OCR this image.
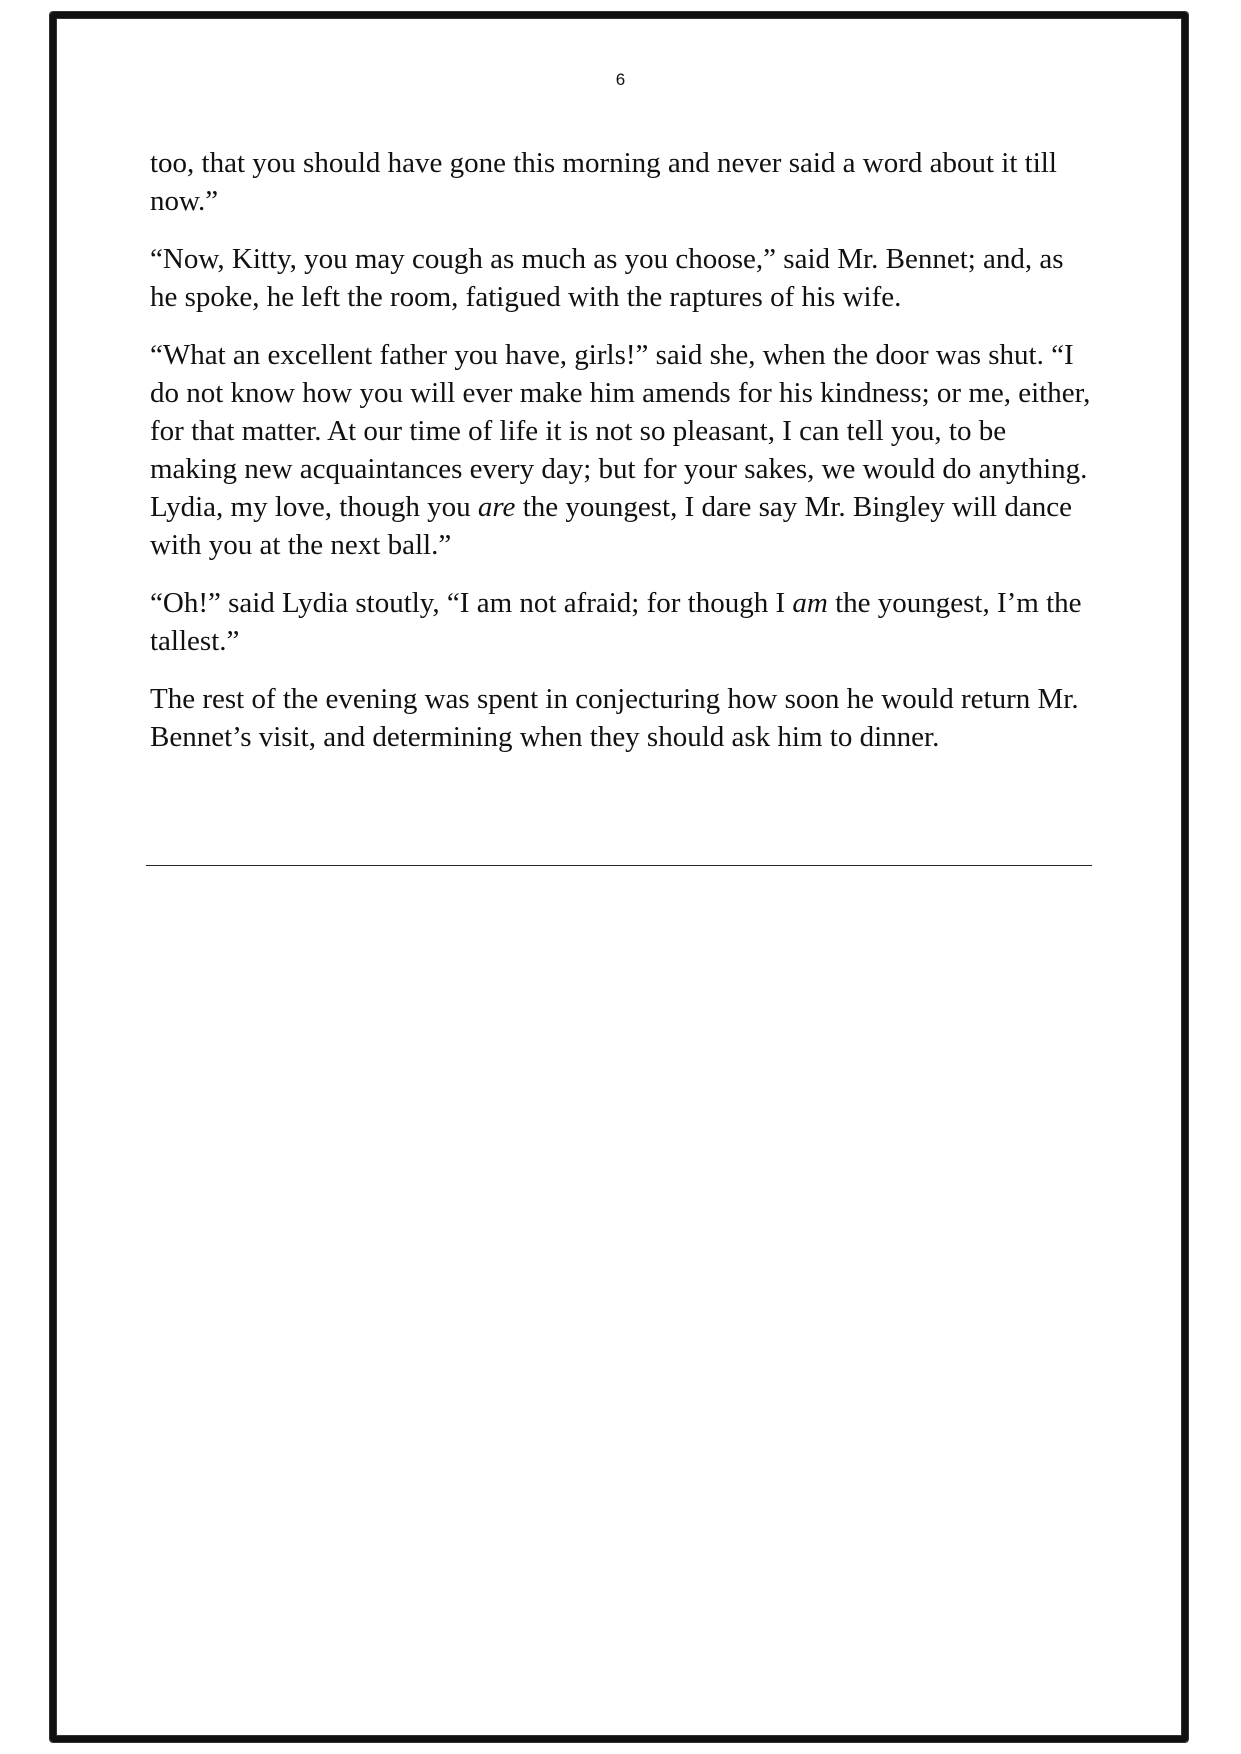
6

too, that you should have gone this morning and never said a word about it till now.”

“Now, Kitty, you may cough as much as you choose,” said Mr. Bennet; and, as he spoke, he left the room, fatigued with the raptures of his wife.

“What an excellent father you have, girls!” said she, when the door was shut. “I do not know how you will ever make him amends for his kindness; or me, either, for that matter. At our time of life it is not so pleasant, I can tell you, to be making new acquaintances every day; but for your sakes, we would do anything. Lydia, my love, though you are the youngest, I dare say Mr. Bingley will dance with you at the next ball.”

“Oh!” said Lydia stoutly, “I am not afraid; for though I am the youngest, I’m the tallest.”

The rest of the evening was spent in conjecturing how soon he would return Mr. Bennet’s visit, and determining when they should ask him to dinner.
